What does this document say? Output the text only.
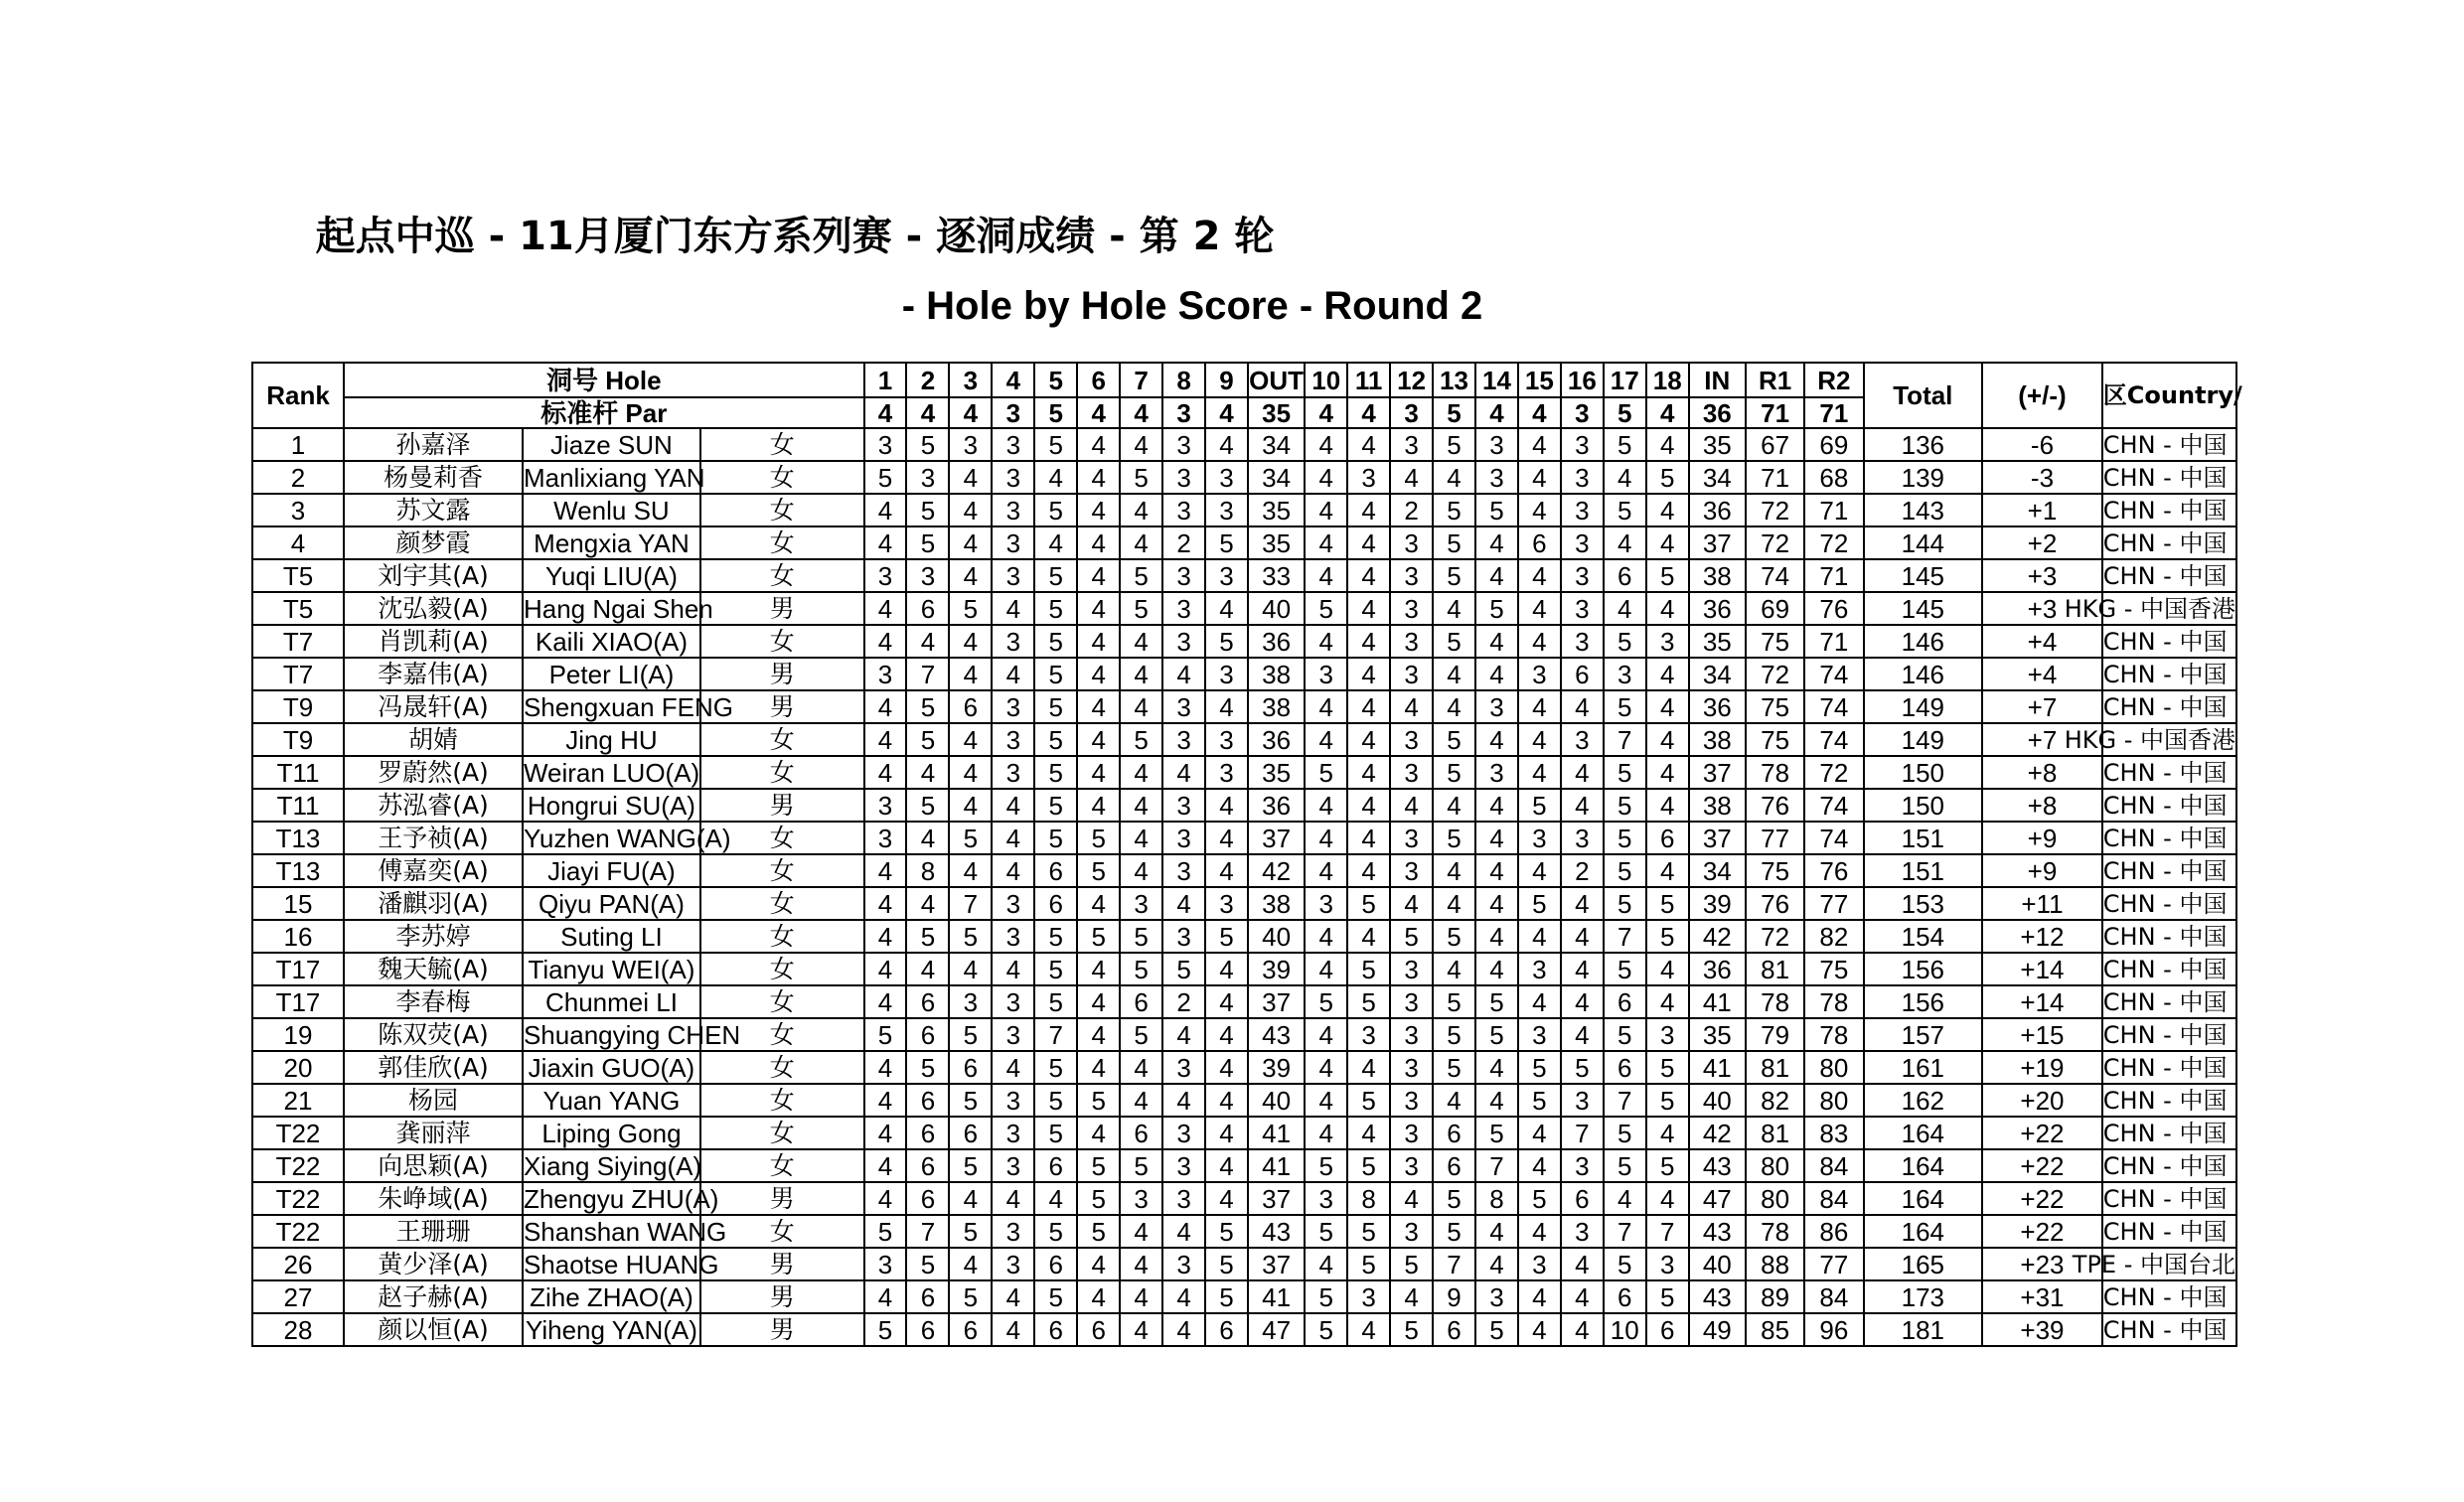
起点中巡 - 11月厦门东方系列赛 - 逐洞成绩 - 第 2 轮
- Hole by Hole Score - Round 2
Rank	洞号 Hole			1	2	3	4	5	6	7	8	9	OUT	10	11	12	13	14	15	16	17	18	IN	R1	R2	Total	(+/-)	区Country/
	标准杆 Par			4	4	4	3	5	4	4	3	4	35	4	4	3	5	4	4	3	5	4	36	71	71			
1	孙嘉泽	Jiaze SUN	女	3	5	3	3	5	4	4	3	4	34	4	4	3	5	3	4	3	5	4	35	67	69	136	-6	CHN - 中国
2	杨曼莉香	Manlixiang YAN	女	5	3	4	3	4	4	5	3	3	34	4	3	4	4	3	4	3	4	5	34	71	68	139	-3	CHN - 中国
3	苏文露	Wenlu SU	女	4	5	4	3	5	4	4	3	3	35	4	4	2	5	5	4	3	5	4	36	72	71	143	+1	CHN - 中国
4	颜梦霞	Mengxia YAN	女	4	5	4	3	4	4	4	2	5	35	4	4	3	5	4	6	3	4	4	37	72	72	144	+2	CHN - 中国
T5	刘宇其(A)	Yuqi LIU(A)	女	3	3	4	3	5	4	5	3	3	33	4	4	3	5	4	4	3	6	5	38	74	71	145	+3	CHN - 中国
T5	沈弘毅(A)	Hang Ngai Shen	男	4	6	5	4	5	4	5	3	4	40	5	4	3	4	5	4	3	4	4	36	69	76	145	+3	HKG - 中国香港
T7	肖凯莉(A)	Kaili XIAO(A)	女	4	4	4	3	5	4	4	3	5	36	4	4	3	5	4	4	3	5	3	35	75	71	146	+4	CHN - 中国
T7	李嘉伟(A)	Peter LI(A)	男	3	7	4	4	5	4	4	4	3	38	3	4	3	4	4	3	6	3	4	34	72	74	146	+4	CHN - 中国
T9	冯晟轩(A)	Shengxuan FENG	男	4	5	6	3	5	4	4	3	4	38	4	4	4	4	3	4	4	5	4	36	75	74	149	+7	CHN - 中国
T9	胡婧	Jing HU	女	4	5	4	3	5	4	5	3	3	36	4	4	3	5	4	4	3	7	4	38	75	74	149	+7	HKG - 中国香港
T11	罗蔚然(A)	Weiran LUO(A)	女	4	4	4	3	5	4	4	4	3	35	5	4	3	5	3	4	4	5	4	37	78	72	150	+8	CHN - 中国
T11	苏泓睿(A)	Hongrui SU(A)	男	3	5	4	4	5	4	4	3	4	36	4	4	4	4	4	5	4	5	4	38	76	74	150	+8	CHN - 中国
T13	王予祯(A)	Yuzhen WANG(A)	女	3	4	5	4	5	5	4	3	4	37	4	4	3	5	4	3	3	5	6	37	77	74	151	+9	CHN - 中国
T13	傅嘉奕(A)	Jiayi FU(A)	女	4	8	4	4	6	5	4	3	4	42	4	4	3	4	4	4	2	5	4	34	75	76	151	+9	CHN - 中国
15	潘麒羽(A)	Qiyu PAN(A)	女	4	4	7	3	6	4	3	4	3	38	3	5	4	4	4	5	4	5	5	39	76	77	153	+11	CHN - 中国
16	李苏婷	Suting LI	女	4	5	5	3	5	5	5	3	5	40	4	4	5	5	4	4	4	7	5	42	72	82	154	+12	CHN - 中国
T17	魏天毓(A)	Tianyu WEI(A)	女	4	4	4	4	5	4	5	5	4	39	4	5	3	4	4	3	4	5	4	36	81	75	156	+14	CHN - 中国
T17	李春梅	Chunmei LI	女	4	6	3	3	5	4	6	2	4	37	5	5	3	5	5	4	4	6	4	41	78	78	156	+14	CHN - 中国
19	陈双荧(A)	Shuangying CHEN	女	5	6	5	3	7	4	5	4	4	43	4	3	3	5	5	3	4	5	3	35	79	78	157	+15	CHN - 中国
20	郭佳欣(A)	Jiaxin GUO(A)	女	4	5	6	4	5	4	4	3	4	39	4	4	3	5	4	5	5	6	5	41	81	80	161	+19	CHN - 中国
21	杨园	Yuan YANG	女	4	6	5	3	5	5	4	4	4	40	4	5	3	4	4	5	3	7	5	40	82	80	162	+20	CHN - 中国
T22	龚丽萍	Liping Gong	女	4	6	6	3	5	4	6	3	4	41	4	4	3	6	5	4	7	5	4	42	81	83	164	+22	CHN - 中国
T22	向思颖(A)	Xiang Siying(A)	女	4	6	5	3	6	5	5	3	4	41	5	5	3	6	7	4	3	5	5	43	80	84	164	+22	CHN - 中国
T22	朱峥域(A)	Zhengyu ZHU(A)	男	4	6	4	4	4	5	3	3	4	37	3	8	4	5	8	5	6	4	4	47	80	84	164	+22	CHN - 中国
T22	王珊珊	Shanshan WANG	女	5	7	5	3	5	5	4	4	5	43	5	5	3	5	4	4	3	7	7	43	78	86	164	+22	CHN - 中国
26	黄少泽(A)	Shaotse HUANG	男	3	5	4	3	6	4	4	3	5	37	4	5	5	7	4	3	4	5	3	40	88	77	165	+23	TPE - 中国台北
27	赵子赫(A)	Zihe ZHAO(A)	男	4	6	5	4	5	4	4	4	5	41	5	3	4	9	3	4	4	6	5	43	89	84	173	+31	CHN - 中国
28	颜以恒(A)	Yiheng YAN(A)	男	5	6	6	4	6	6	4	4	6	47	5	4	5	6	5	4	4	10	6	49	85	96	181	+39	CHN - 中国
